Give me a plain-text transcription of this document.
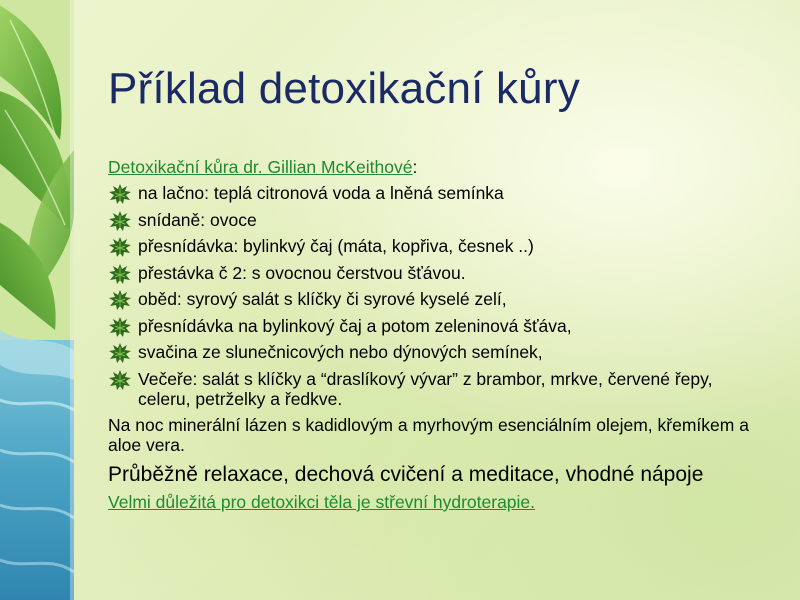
Příklad detoxikační kůry
Detoxikační kůra dr. Gillian McKeithové:
na lačno: teplá citronová voda a lněná semínka
snídaně: ovoce
přesnídávka: bylinkvý čaj (máta, kopřiva, česnek ..)
přestávka č 2: s ovocnou čerstvou šťávou.
oběd: syrový salát s klíčky či syrové kyselé zelí,
přesnídávka na bylinkový čaj a potom zeleninová šťáva,
svačina ze slunečnicových nebo dýnových semínek,
Večeře: salát s klíčky a “draslíkový vývar” z brambor, mrkve, červené řepy, celeru, petrželky a ředkve.
Na noc minerální lázen s kadidlovým a myrhovým esenciálním olejem, křemíkem a aloe vera.
Průběžně relaxace, dechová cvičení a meditace, vhodné nápoje
Velmi důležitá pro detoxikci těla je střevní hydroterapie.
